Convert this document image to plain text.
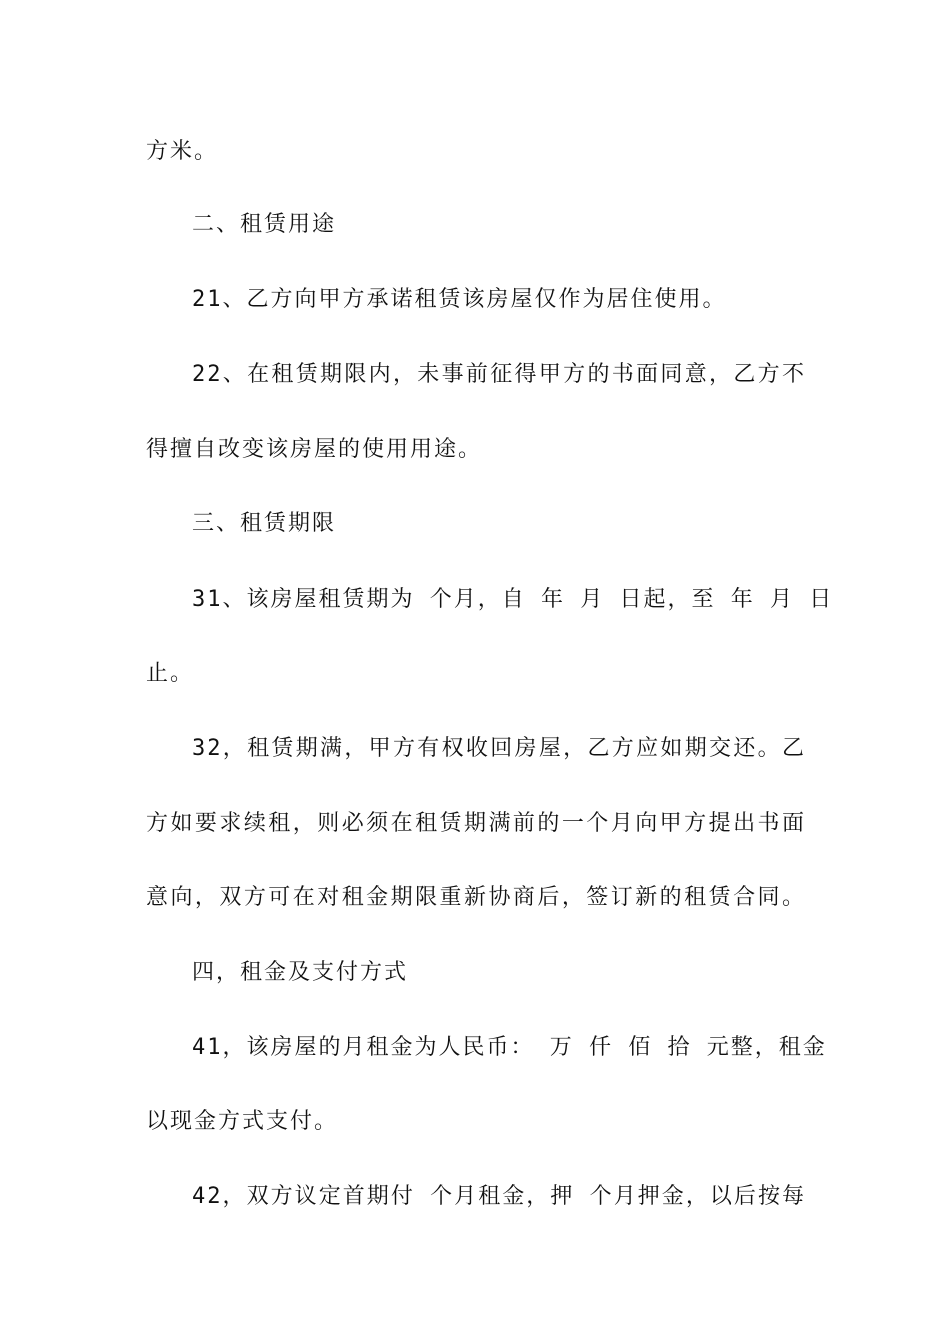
方米。
二、租赁用途
21、乙方向甲方承诺租赁该房屋仅作为居住使用。
22、在租赁期限内，未事前征得甲方的书面同意，乙方不
得擅自改变该房屋的使用用途。
三、租赁期限
31、该房屋租赁期为 个月，自 年 月 日起，至 年 月 日
止。
32，租赁期满，甲方有权收回房屋，乙方应如期交还。乙
方如要求续租，则必须在租赁期满前的一个月向甲方提出书面
意向，双方可在对租金期限重新协商后，签订新的租赁合同。
四，租金及支付方式
41，该房屋的月租金为人民币： 万 仟 佰 拾 元整，租金
以现金方式支付。
42，双方议定首期付 个月租金，押 个月押金，以后按每
